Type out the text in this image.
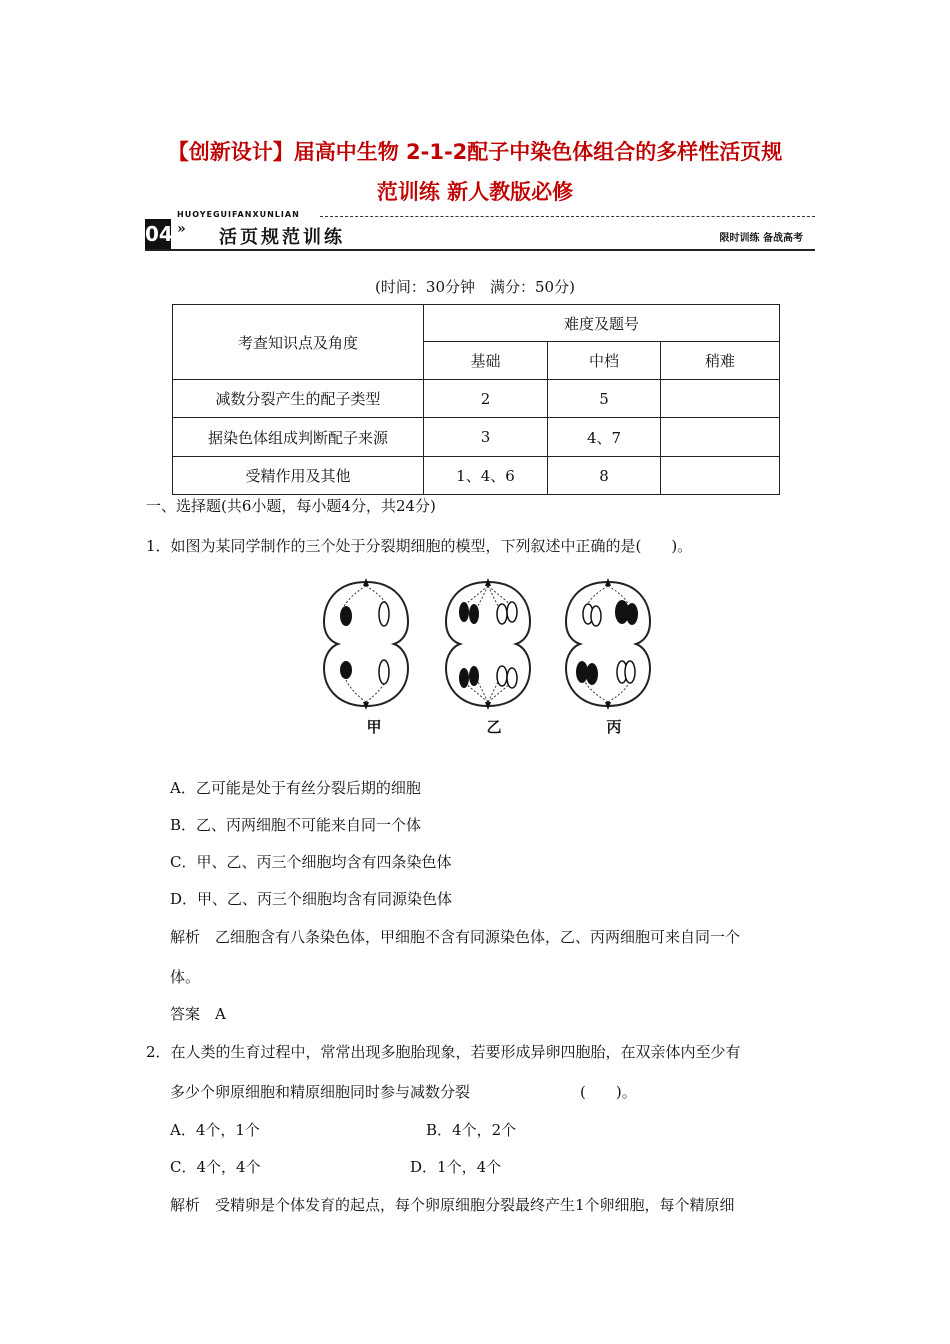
【创新设计】届高中生物 2-1-2配子中染色体组合的多样性活页规
范训练 新人教版必修
HUOYEGUIFANXUNLIAN
04 » 活页规范训练	限时训练 备战高考
(时间：30分钟　满分：50分)
考查知识点及角度	难度及题号		
	基础	中档	稍难
减数分裂产生的配子类型	2	5	
据染色体组成判断配子来源	3	4、7	
受精作用及其他	1、4、6	8	
一、选择题(共6小题，每小题4分，共24分)
1．如图为某同学制作的三个处于分裂期细胞的模型，下列叙述中正确的是(　　)。
甲	乙	丙
A．乙可能是处于有丝分裂后期的细胞
B．乙、丙两细胞不可能来自同一个体
C．甲、乙、丙三个细胞均含有四条染色体
D．甲、乙、丙三个细胞均含有同源染色体
解析　乙细胞含有八条染色体，甲细胞不含有同源染色体，乙、丙两细胞可来自同一个
体。
答案　A
2．在人类的生育过程中，常常出现多胞胎现象，若要形成异卵四胞胎，在双亲体内至少有
多少个卵原细胞和精原细胞同时参与减数分裂	(　　)。
A．4个，1个	B．4个，2个
C．4个，4个	D．1个，4个
解析　受精卵是个体发育的起点，每个卵原细胞分裂最终产生1个卵细胞，每个精原细
